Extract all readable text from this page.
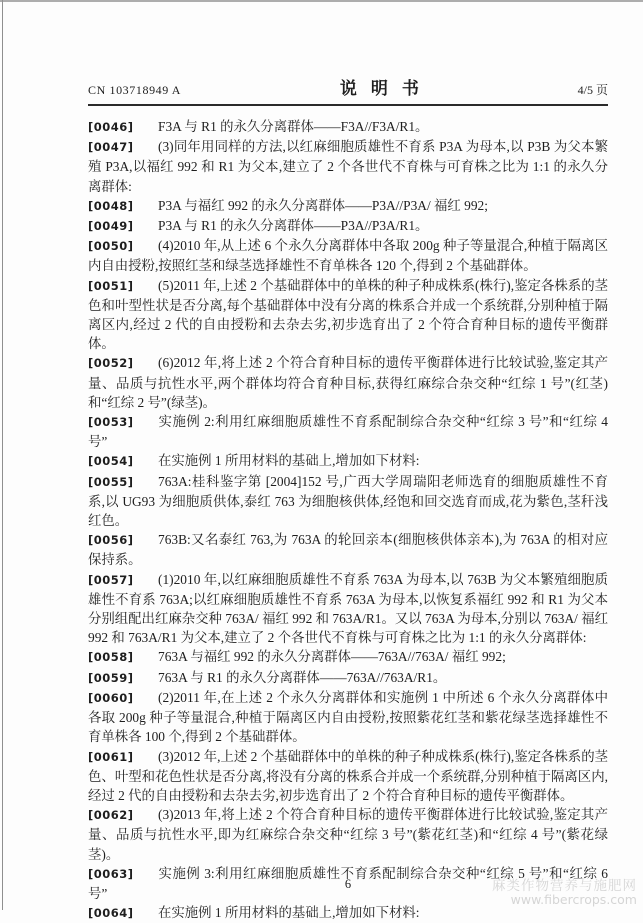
CN 103718949 A	说明书	4/5 页

[0046] F3A 与 R1 的永久分离群体——F3A//F3A/R1。

[0047] (3)同年用同样的方法,以红麻细胞质雄性不育系 P3A 为母本,以 P3B 为父本繁殖 P3A,以福红 992 和 R1 为父本,建立了 2 个各世代不育株与可育株之比为 1:1 的永久分离群体:

[0048] P3A 与福红 992 的永久分离群体——P3A//P3A/ 福红 992;

[0049] P3A 与 R1 的永久分离群体——P3A//P3A/R1。

[0050] (4)2010 年,从上述 6 个永久分离群体中各取 200g 种子等量混合,种植于隔离区内自由授粉,按照红茎和绿茎选择雄性不育单株各 120 个,得到 2 个基础群体。

[0051] (5)2011 年,上述 2 个基础群体中的单株的种子种成株系(株行),鉴定各株系的茎色和叶型性状是否分离,每个基础群体中没有分离的株系合并成一个系统群,分别种植于隔离区内,经过 2 代的自由授粉和去杂去劣,初步选育出了 2 个符合育种目标的遗传平衡群体。

[0052] (6)2012 年,将上述 2 个符合育种目标的遗传平衡群体进行比较试验,鉴定其产量、品质与抗性水平,两个群体均符合育种目标,获得红麻综合杂交种“红综 1 号”(红茎)和“红综 2 号”(绿茎)。

[0053] 实施例 2:利用红麻细胞质雄性不育系配制综合杂交种“红综 3 号”和“红综 4 号”

[0054] 在实施例 1 所用材料的基础上,增加如下材料:

[0055] 763A:桂科鉴字第 [2004]152 号,广西大学周瑞阳老师选育的细胞质雄性不育系,以 UG93 为细胞质供体,泰红 763 为细胞核供体,经饱和回交选育而成,花为紫色,茎秆浅红色。

[0056] 763B:又名泰红 763,为 763A 的轮回亲本(细胞核供体亲本),为 763A 的相对应保持系。

[0057] (1)2010 年,以红麻细胞质雄性不育系 763A 为母本,以 763B 为父本繁殖细胞质雄性不育系 763A;以红麻细胞质雄性不育系 763A 为母本,以恢复系福红 992 和 R1 为父本分别组配出红麻杂交种 763A/ 福红 992 和 763A/R1。又以 763A 为母本,分别以 763A/ 福红 992 和 763A/R1 为父本,建立了 2 个各世代不育株与可育株之比为 1:1 的永久分离群体:

[0058] 763A 与福红 992 的永久分离群体——763A//763A/ 福红 992;

[0059] 763A 与 R1 的永久分离群体——763A//763A/R1。

[0060] (2)2011 年,在上述 2 个永久分离群体和实施例 1 中所述 6 个永久分离群体中各取 200g 种子等量混合,种植于隔离区内自由授粉,按照紫花红茎和紫花绿茎选择雄性不育单株各 100 个,得到 2 个基础群体。

[0061] (3)2012 年,上述 2 个基础群体中的单株的种子种成株系(株行),鉴定各株系的茎色、叶型和花色性状是否分离,将没有分离的株系合并成一个系统群,分别种植于隔离区内,经过 2 代的自由授粉和去杂去劣,初步选育出了 2 个符合育种目标的遗传平衡群体。

[0062] (3)2013 年,将上述 2 个符合育种目标的遗传平衡群体进行比较试验,鉴定其产量、品质与抗性水平,即为红麻综合杂交种“红综 3 号”(紫花红茎)和“红综 4 号”(紫花绿茎)。

[0063] 实施例 3:利用红麻细胞质雄性不育系配制综合杂交种“红综 5 号”和“红综 6 号”

[0064] 在实施例 1 所用材料的基础上,增加如下材料:

6	麻类作物营养与施肥网
www.fibercrops.com
